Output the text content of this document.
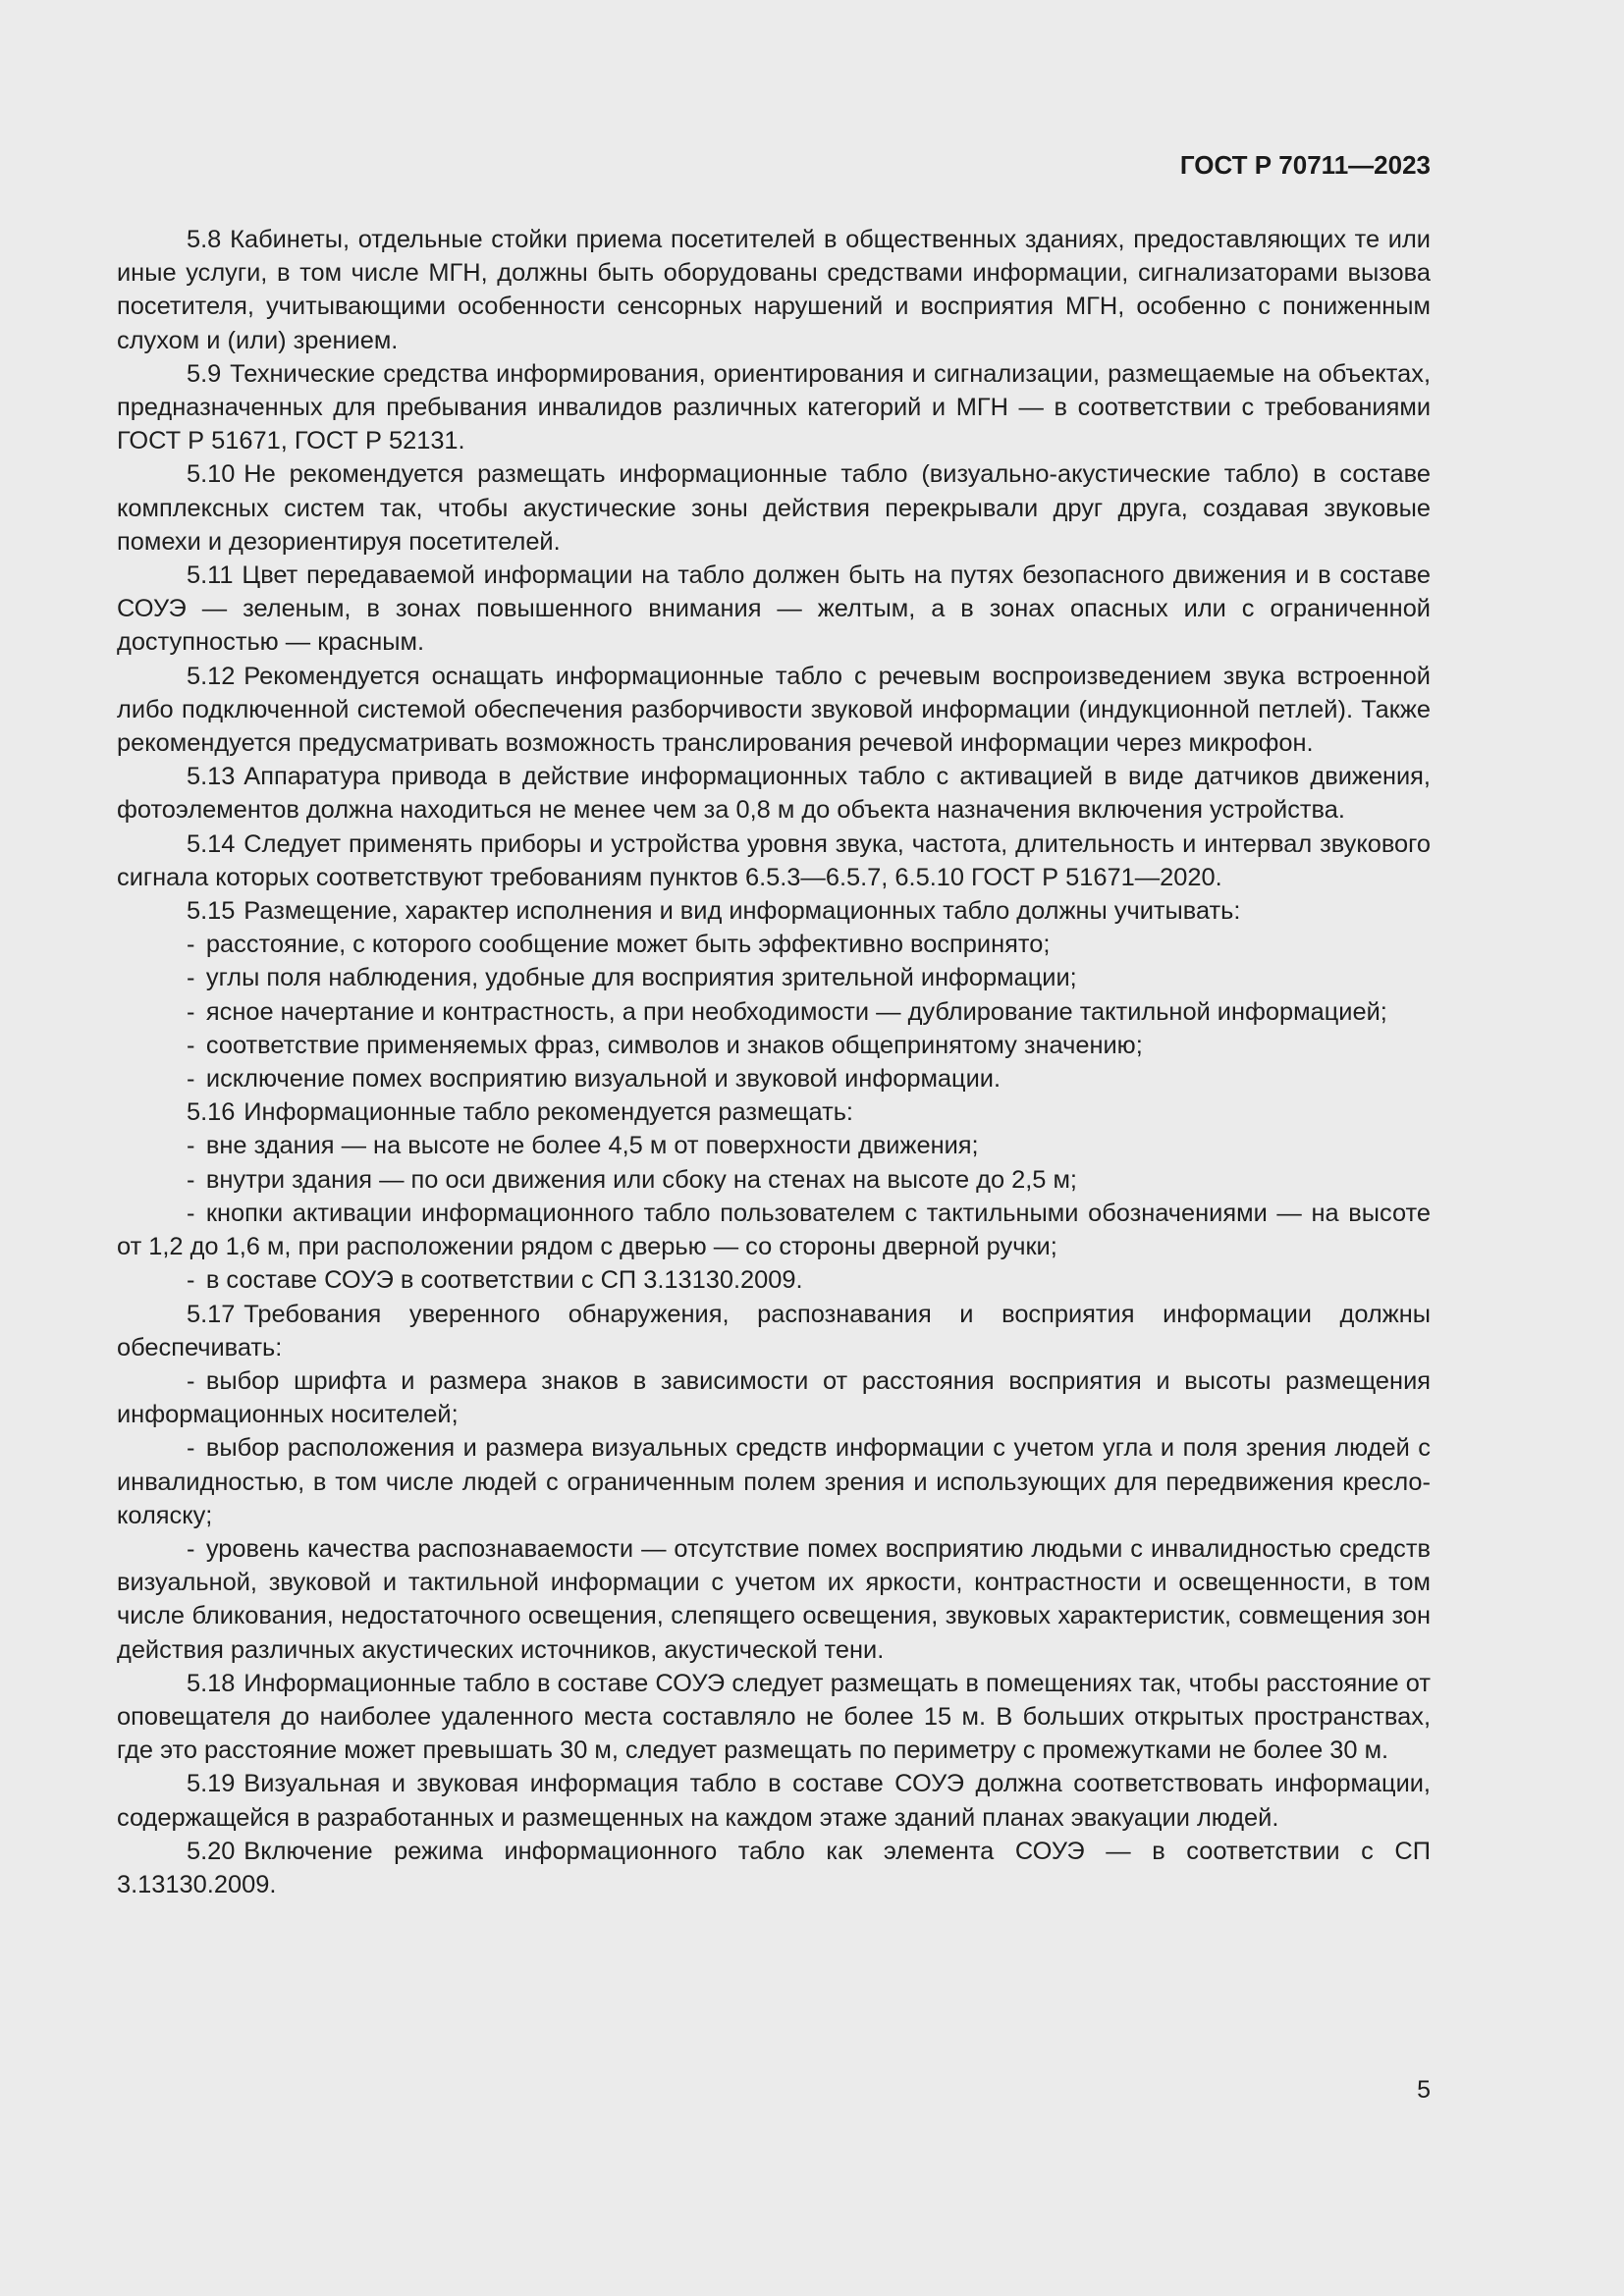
ГОСТ Р 70711—2023

5.8 Кабинеты, отдельные стойки приема посетителей в общественных зданиях, предоставляющих те или иные услуги, в том числе МГН, должны быть оборудованы средствами информации, сигнализаторами вызова посетителя, учитывающими особенности сенсорных нарушений и восприятия МГН, особенно с пониженным слухом и (или) зрением.

5.9 Технические средства информирования, ориентирования и сигнализации, размещаемые на объектах, предназначенных для пребывания инвалидов различных категорий и МГН — в соответствии с требованиями ГОСТ Р 51671, ГОСТ Р 52131.

5.10 Не рекомендуется размещать информационные табло (визуально-акустические табло) в составе комплексных систем так, чтобы акустические зоны действия перекрывали друг друга, создавая звуковые помехи и дезориентируя посетителей.

5.11 Цвет передаваемой информации на табло должен быть на путях безопасного движения и в составе СОУЭ — зеленым, в зонах повышенного внимания — желтым, а в зонах опасных или с ограниченной доступностью — красным.

5.12 Рекомендуется оснащать информационные табло с речевым воспроизведением звука встроенной либо подключенной системой обеспечения разборчивости звуковой информации (индукционной петлей). Также рекомендуется предусматривать возможность транслирования речевой информации через микрофон.

5.13 Аппаратура привода в действие информационных табло с активацией в виде датчиков движения, фотоэлементов должна находиться не менее чем за 0,8 м до объекта назначения включения устройства.

5.14 Следует применять приборы и устройства уровня звука, частота, длительность и интервал звукового сигнала которых соответствуют требованиям пунктов 6.5.3—6.5.7, 6.5.10 ГОСТ Р 51671—2020.

5.15 Размещение, характер исполнения и вид информационных табло должны учитывать:

- расстояние, с которого сообщение может быть эффективно воспринято;

- углы поля наблюдения, удобные для восприятия зрительной информации;

- ясное начертание и контрастность, а при необходимости — дублирование тактильной информацией;

- соответствие применяемых фраз, символов и знаков общепринятому значению;

- исключение помех восприятию визуальной и звуковой информации.

5.16 Информационные табло рекомендуется размещать:

- вне здания — на высоте не более 4,5 м от поверхности движения;

- внутри здания — по оси движения или сбоку на стенах на высоте до 2,5 м;

- кнопки активации информационного табло пользователем с тактильными обозначениями — на высоте от 1,2 до 1,6 м, при расположении рядом с дверью — со стороны дверной ручки;

- в составе СОУЭ в соответствии с СП 3.13130.2009.

5.17 Требования уверенного обнаружения, распознавания и восприятия информации должны обеспечивать:

- выбор шрифта и размера знаков в зависимости от расстояния восприятия и высоты размещения информационных носителей;

- выбор расположения и размера визуальных средств информации с учетом угла и поля зрения людей с инвалидностью, в том числе людей с ограниченным полем зрения и использующих для передвижения кресло-коляску;

- уровень качества распознаваемости — отсутствие помех восприятию людьми с инвалидностью средств визуальной, звуковой и тактильной информации с учетом их яркости, контрастности и освещенности, в том числе бликования, недостаточного освещения, слепящего освещения, звуковых характеристик, совмещения зон действия различных акустических источников, акустической тени.

5.18 Информационные табло в составе СОУЭ следует размещать в помещениях так, чтобы расстояние от оповещателя до наиболее удаленного места составляло не более 15 м. В больших открытых пространствах, где это расстояние может превышать 30 м, следует размещать по периметру с промежутками не более 30 м.

5.19 Визуальная и звуковая информация табло в составе СОУЭ должна соответствовать информации, содержащейся в разработанных и размещенных на каждом этаже зданий планах эвакуации людей.

5.20 Включение режима информационного табло как элемента СОУЭ — в соответствии с СП 3.13130.2009.

5
